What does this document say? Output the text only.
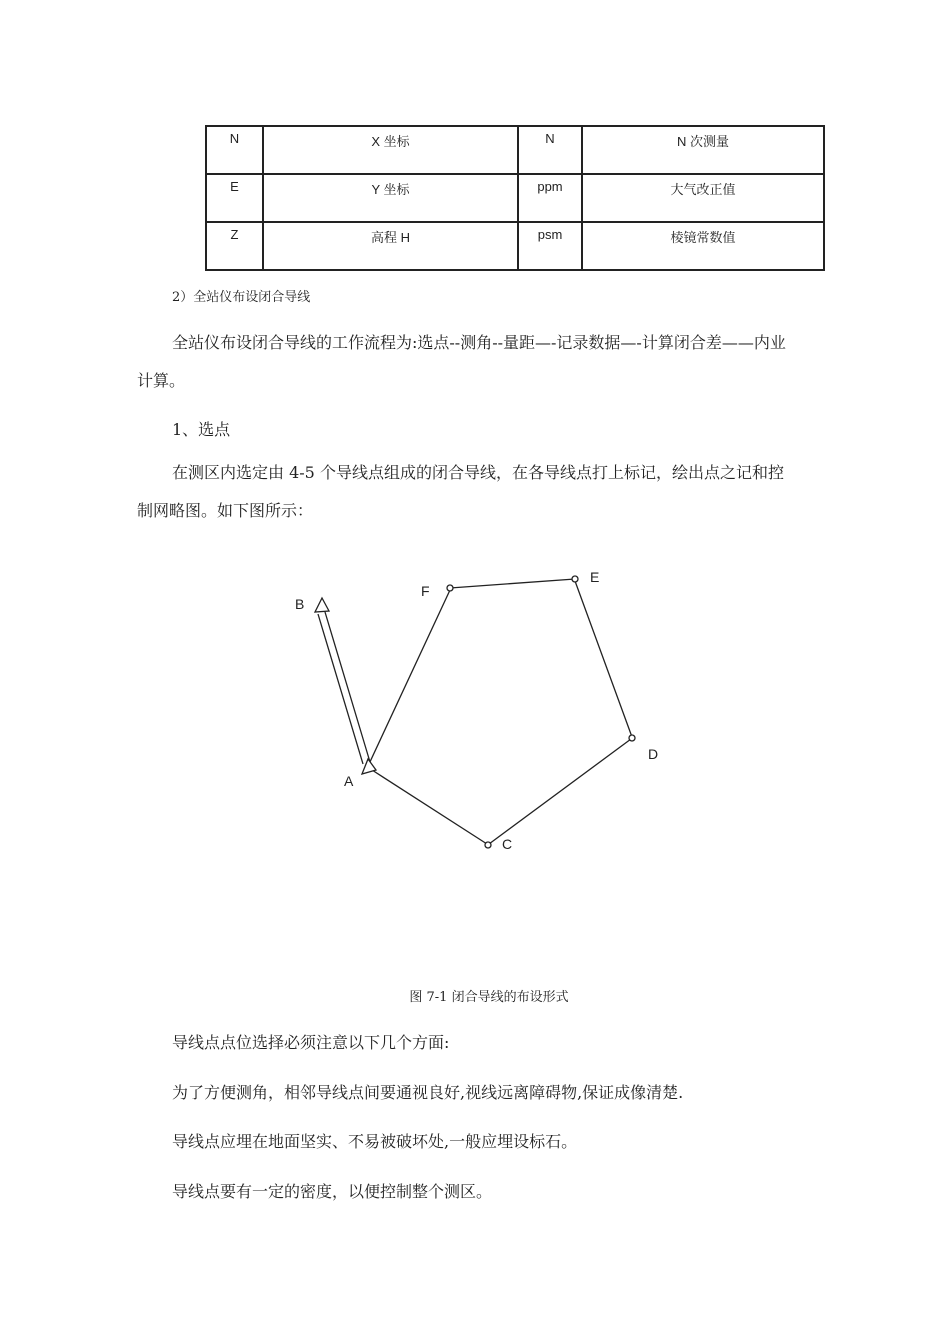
N	X 坐标	N	N 次测量
E	Y 坐标	ppm	大气改正值
Z	高程 H	psm	棱镜常数值
2）全站仪布设闭合导线
全站仪布设闭合导线的工作流程为:选点--测角--量距—-记录数据—-计算闭合差——内业
计算。
1、选点
在测区内选定由 4-5 个导线点组成的闭合导线，在各导线点打上标记，绘出点之记和控
制网略图。如下图所示：
A
B
C
D
E
F
图 7-1 闭合导线的布设形式
导线点点位选择必须注意以下几个方面:
为了方便测角，相邻导线点间要通视良好,视线远离障碍物,保证成像清楚.
导线点应埋在地面坚实、不易被破坏处,一般应埋设标石。
导线点要有一定的密度，以便控制整个测区。
